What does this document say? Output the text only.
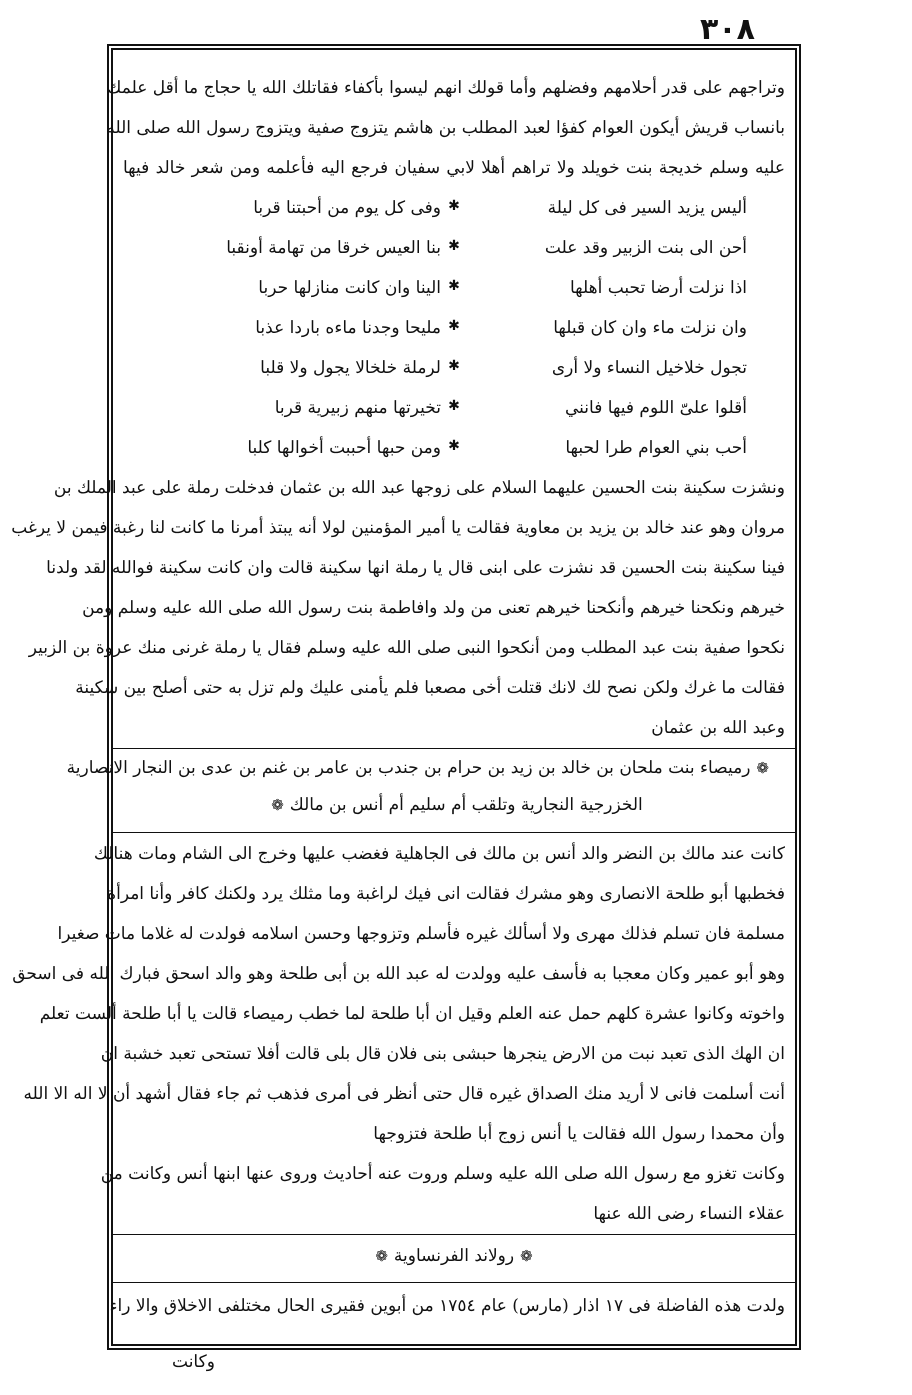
٣٠٨
وتراجهم على قدر أحلامهم وفضلهم وأما قولك انهم ليسوا بأكفاء فقاتلك الله يا حجاج ما أقل علمك
بانساب قريش أيكون العوام كفؤا لعبد المطلب بن هاشم يتزوج صفية ويتزوج رسول الله صلى الله
عليه وسلم خديجة بنت خويلد ولا تراهم أهلا لابي سفيان فرجع اليه فأعلمه ومن شعر خالد فيها
أليس يزيد السير فى كل ليلة
✱
وفى كل يوم من أحبتنا قربا
أحن الى بنت الزبير وقد علت
✱
بنا العيس خرقا من تهامة أونقبا
اذا نزلت أرضا تحبب أهلها
✱
الينا وان كانت منازلها حربا
وان نزلت ماء وان كان قبلها
✱
مليحا وجدنا ماءه باردا عذبا
تجول خلاخيل النساء ولا أرى
✱
لرملة خلخالا يجول ولا قلبا
أقلوا علىّ اللوم فيها فانني
✱
تخيرتها منهم زبيرية قربا
أحب بني العوام طرا لحبها
✱
ومن حبها أحببت أخوالها كلبا
ونشزت سكينة بنت الحسين عليهما السلام على زوجها عبد الله بن عثمان فدخلت رملة على عبد الملك بن
مروان وهو عند خالد بن يزيد بن معاوية فقالت يا أمير المؤمنين لولا أنه يبتذ أمرنا ما كانت لنا رغبة فيمن لا يرغب
فينا سكينة بنت الحسين قد نشزت على ابنى قال يا رملة انها سكينة قالت وان كانت سكينة فوالله لقد ولدنا
خيرهم ونكحنا خيرهم وأنكحنا خيرهم تعنى من ولد وافاطمة بنت رسول الله صلى الله عليه وسلم ومن
نكحوا صفية بنت عبد المطلب ومن أنكحوا النبى صلى الله عليه وسلم فقال يا رملة غرنى منك عروة بن الزبير
فقالت ما غرك ولكن نصح لك لانك قتلت أخى مصعبا فلم يأمنى عليك ولم تزل به حتى أصلح بين سكينة
وعبد الله بن عثمان
❁رميصاء بنت ملحان بن خالد بن زيد بن حرام بن جندب بن عامر بن غنم بن عدى بن النجار الانصارية
الخزرجية النجارية وتلقب أم سليم أم أنس بن مالك❁
كانت عند مالك بن النضر والد أنس بن مالك فى الجاهلية فغضب عليها وخرج الى الشام ومات هنالك
فخطبها أبو طلحة الانصارى وهو مشرك فقالت انى فيك لراغبة وما مثلك يرد ولكنك كافر وأنا امرأة
مسلمة فان تسلم فذلك مهرى ولا أسألك غيره فأسلم وتزوجها وحسن اسلامه فولدت له غلاما مات صغيرا
وهو أبو عمير وكان معجبا به فأسف عليه وولدت له عبد الله بن أبى طلحة وهو والد اسحق فبارك الله فى اسحق
واخوته وكانوا عشرة كلهم حمل عنه العلم وقيل ان أبا طلحة لما خطب رميصاء قالت يا أبا طلحة ألست تعلم
ان الهك الذى تعبد نبت من الارض ينجرها حبشى بنى فلان قال بلى قالت أفلا تستحى تعبد خشبة ان
أنت أسلمت فانى لا أريد منك الصداق غيره قال حتى أنظر فى أمرى فذهب ثم جاء فقال أشهد أن لا اله الا الله
وأن محمدا رسول الله فقالت يا أنس زوج أبا طلحة فتزوجها
وكانت تغزو مع رسول الله صلى الله عليه وسلم وروت عنه أحاديث وروى عنها ابنها أنس وكانت من
عقلاء النساء رضى الله عنها
❁رولاند الفرنساوية❁
ولدت هذه الفاضلة فى ١٧ اذار (مارس) عام ١٧٥٤ من أبوين فقيرى الحال مختلفى الاخلاق والا راء
وكانت
